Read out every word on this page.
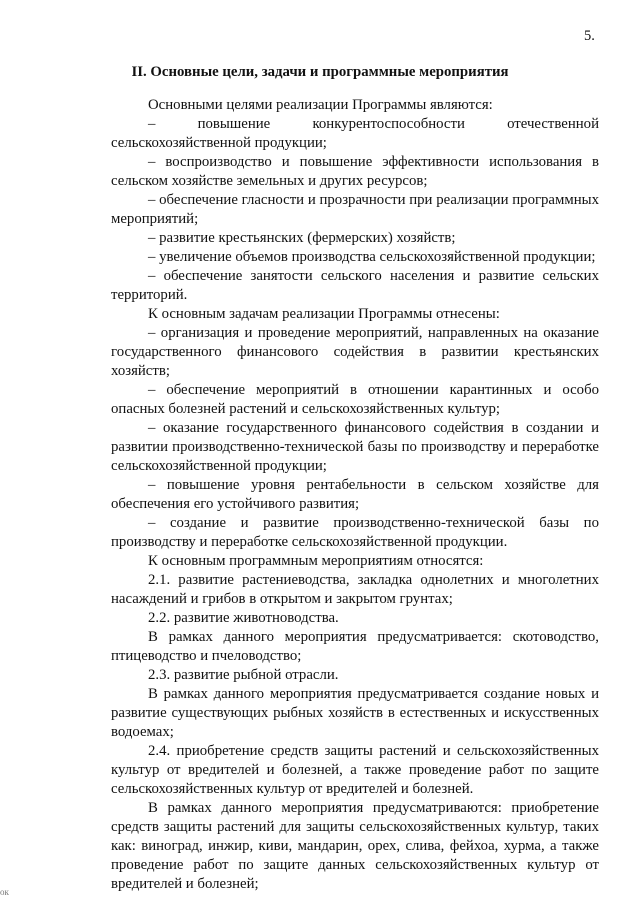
5.
II. Основные цели, задачи и программные мероприятия

Основными целями реализации Программы являются:

– повышение конкурентоспособности отечественной сельскохозяйственной продукции;

– воспроизводство и повышение эффективности использования в сельском хозяйстве земельных и других ресурсов;

– обеспечение гласности и прозрачности при реализации программных мероприятий;

– развитие крестьянских (фермерских) хозяйств;

– увеличение объемов производства сельскохозяйственной продукции;

– обеспечение занятости сельского населения и развитие сельских территорий.

К основным задачам реализации Программы отнесены:

– организация и проведение мероприятий, направленных на оказание государственного финансового содействия в развитии крестьянских хозяйств;

– обеспечение мероприятий в отношении карантинных и особо опасных болезней растений и сельскохозяйственных культур;

– оказание государственного финансового содействия в создании и развитии производственно-технической базы по производству и переработке сельскохозяйственной продукции;

– повышение уровня рентабельности в сельском хозяйстве для обеспечения его устойчивого развития;

– создание и развитие производственно-технической базы по производству и переработке сельскохозяйственной продукции.

К основным программным мероприятиям относятся:

2.1. развитие растениеводства, закладка однолетних и многолетних насаждений и грибов в открытом и закрытом грунтах;

2.2. развитие животноводства.

В рамках данного мероприятия предусматривается: скотоводство, птицеводство и пчеловодство;

2.3. развитие рыбной отрасли.

В рамках данного мероприятия предусматривается создание новых и развитие существующих рыбных хозяйств в естественных и искусственных водоемах;

2.4. приобретение средств защиты растений и сельскохозяйственных культур от вредителей и болезней, а также проведение работ по защите сельскохозяйственных культур от вредителей и болезней.

В рамках данного мероприятия предусматриваются: приобретение средств защиты растений для защиты сельскохозяйственных культур, таких как: виноград, инжир, киви, мандарин, орех, слива, фейхоа, хурма, а также проведение работ по защите данных сельскохозяйственных культур от вредителей и болезней;

ок
